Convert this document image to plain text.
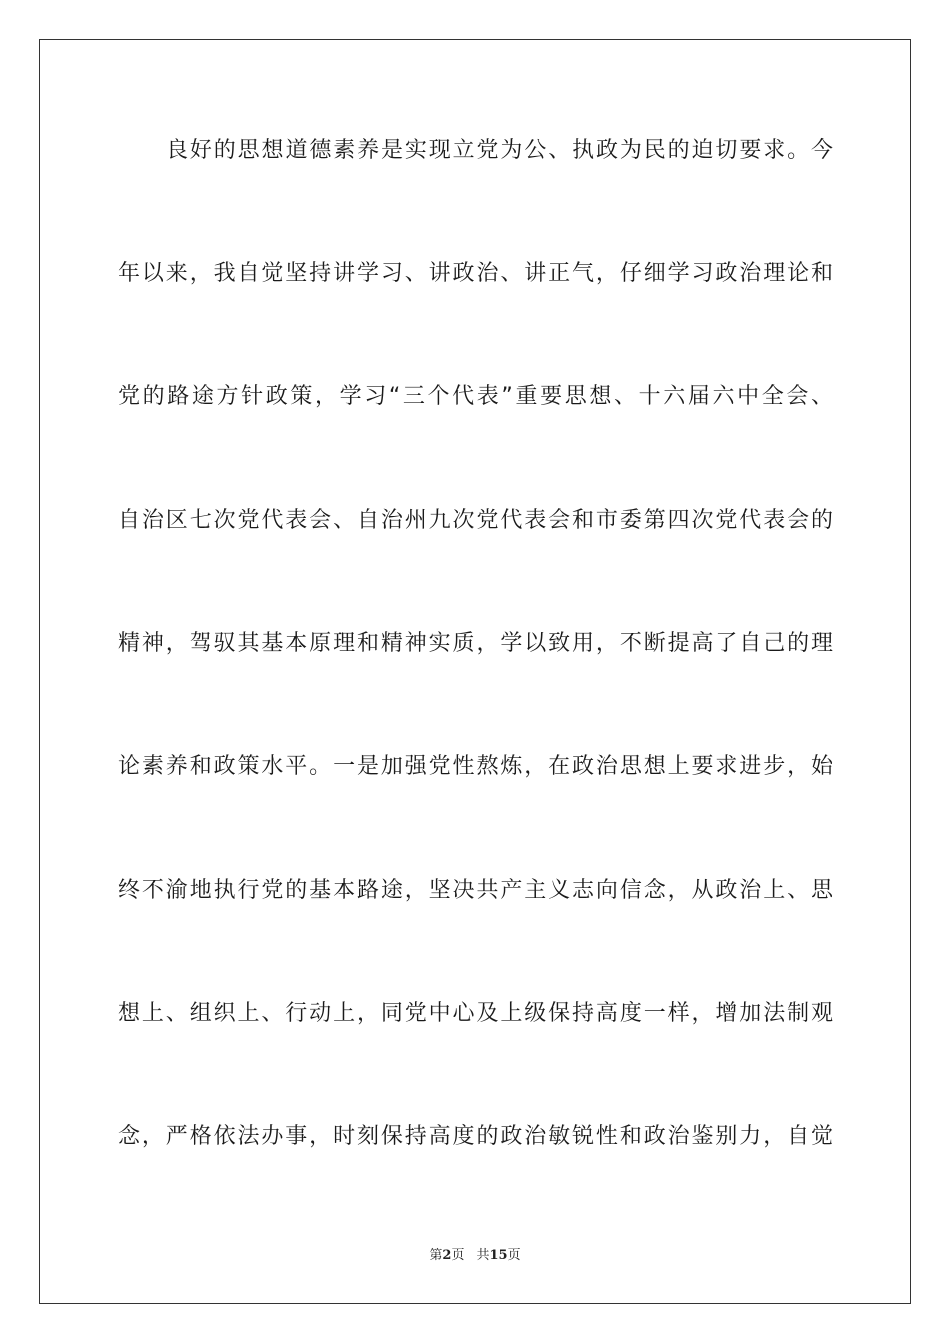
良好的思想道德素养是实现立党为公、执政为民的迫切要求。今
年以来，我自觉坚持讲学习、讲政治、讲正气，仔细学习政治理论和
党的路途方针政策，学习“三个代表”重要思想、十六届六中全会、
自治区七次党代表会、自治州九次党代表会和市委第四次党代表会的
精神，驾驭其基本原理和精神实质，学以致用，不断提高了自己的理
论素养和政策水平。一是加强党性熬炼，在政治思想上要求进步，始
终不渝地执行党的基本路途，坚决共产主义志向信念，从政治上、思
想上、组织上、行动上，同党中心及上级保持高度一样，增加法制观
念，严格依法办事，时刻保持高度的政治敏锐性和政治鉴别力，自觉
第2页 共15页
